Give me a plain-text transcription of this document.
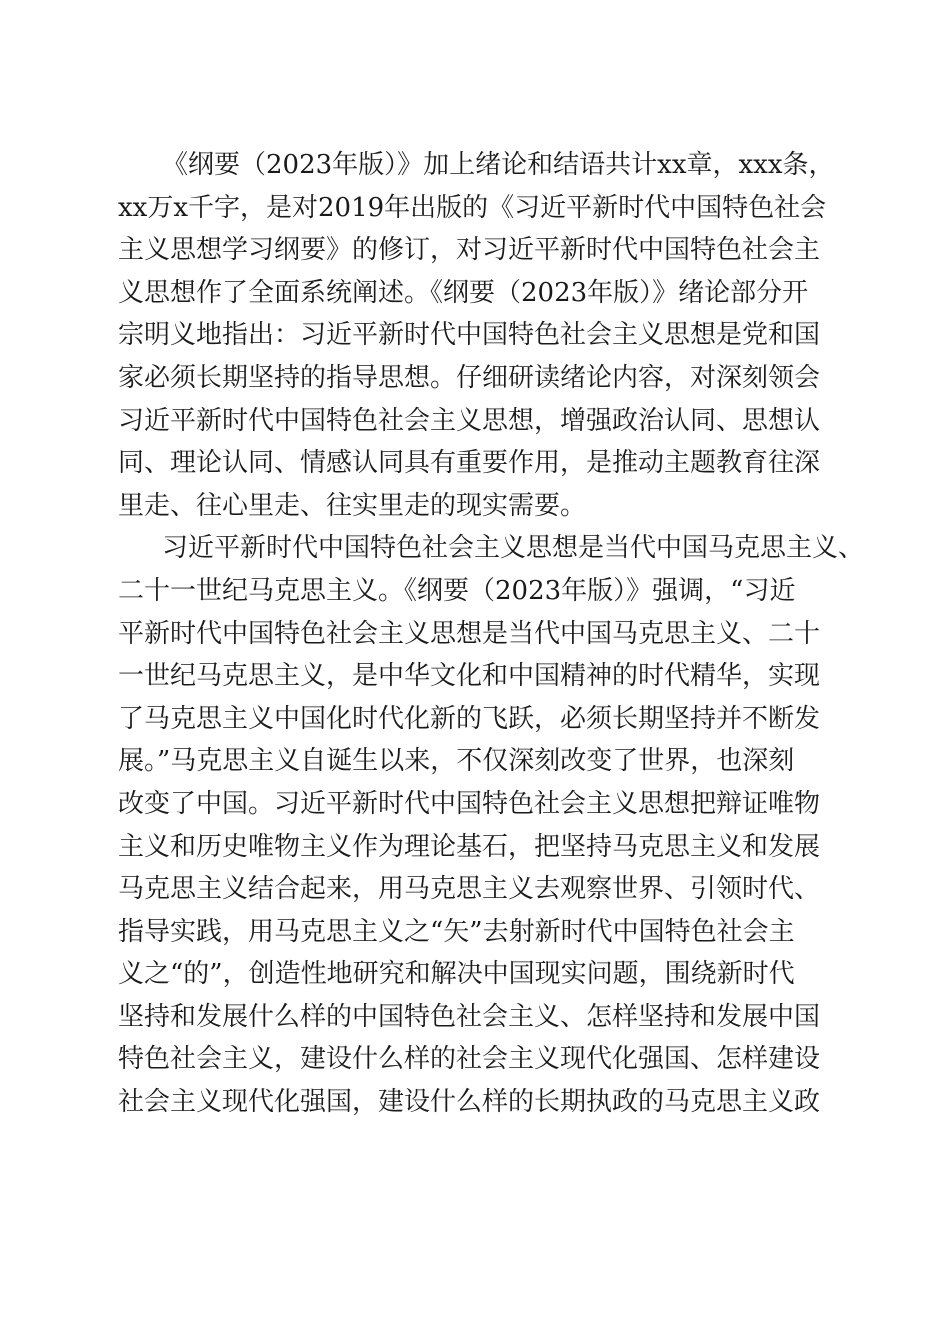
《纲要（2023年版）》加上绪论和结语共计xx章，xxx条，
xx万x千字，是对2019年出版的《习近平新时代中国特色社会
主义思想学习纲要》的修订，对习近平新时代中国特色社会主
义思想作了全面系统阐述。《纲要（2023年版）》绪论部分开
宗明义地指出：习近平新时代中国特色社会主义思想是党和国
家必须长期坚持的指导思想。仔细研读绪论内容，对深刻领会
习近平新时代中国特色社会主义思想，增强政治认同、思想认
同、理论认同、情感认同具有重要作用，是推动主题教育往深
里走、往心里走、往实里走的现实需要。
习近平新时代中国特色社会主义思想是当代中国马克思主义、
二十一世纪马克思主义。《纲要（2023年版）》强调，“习近
平新时代中国特色社会主义思想是当代中国马克思主义、二十
一世纪马克思主义，是中华文化和中国精神的时代精华，实现
了马克思主义中国化时代化新的飞跃，必须长期坚持并不断发
展。”马克思主义自诞生以来，不仅深刻改变了世界，也深刻
改变了中国。习近平新时代中国特色社会主义思想把辩证唯物
主义和历史唯物主义作为理论基石，把坚持马克思主义和发展
马克思主义结合起来，用马克思主义去观察世界、引领时代、
指导实践，用马克思主义之“矢”去射新时代中国特色社会主
义之“的”，创造性地研究和解决中国现实问题，围绕新时代
坚持和发展什么样的中国特色社会主义、怎样坚持和发展中国
特色社会主义，建设什么样的社会主义现代化强国、怎样建设
社会主义现代化强国，建设什么样的长期执政的马克思主义政
